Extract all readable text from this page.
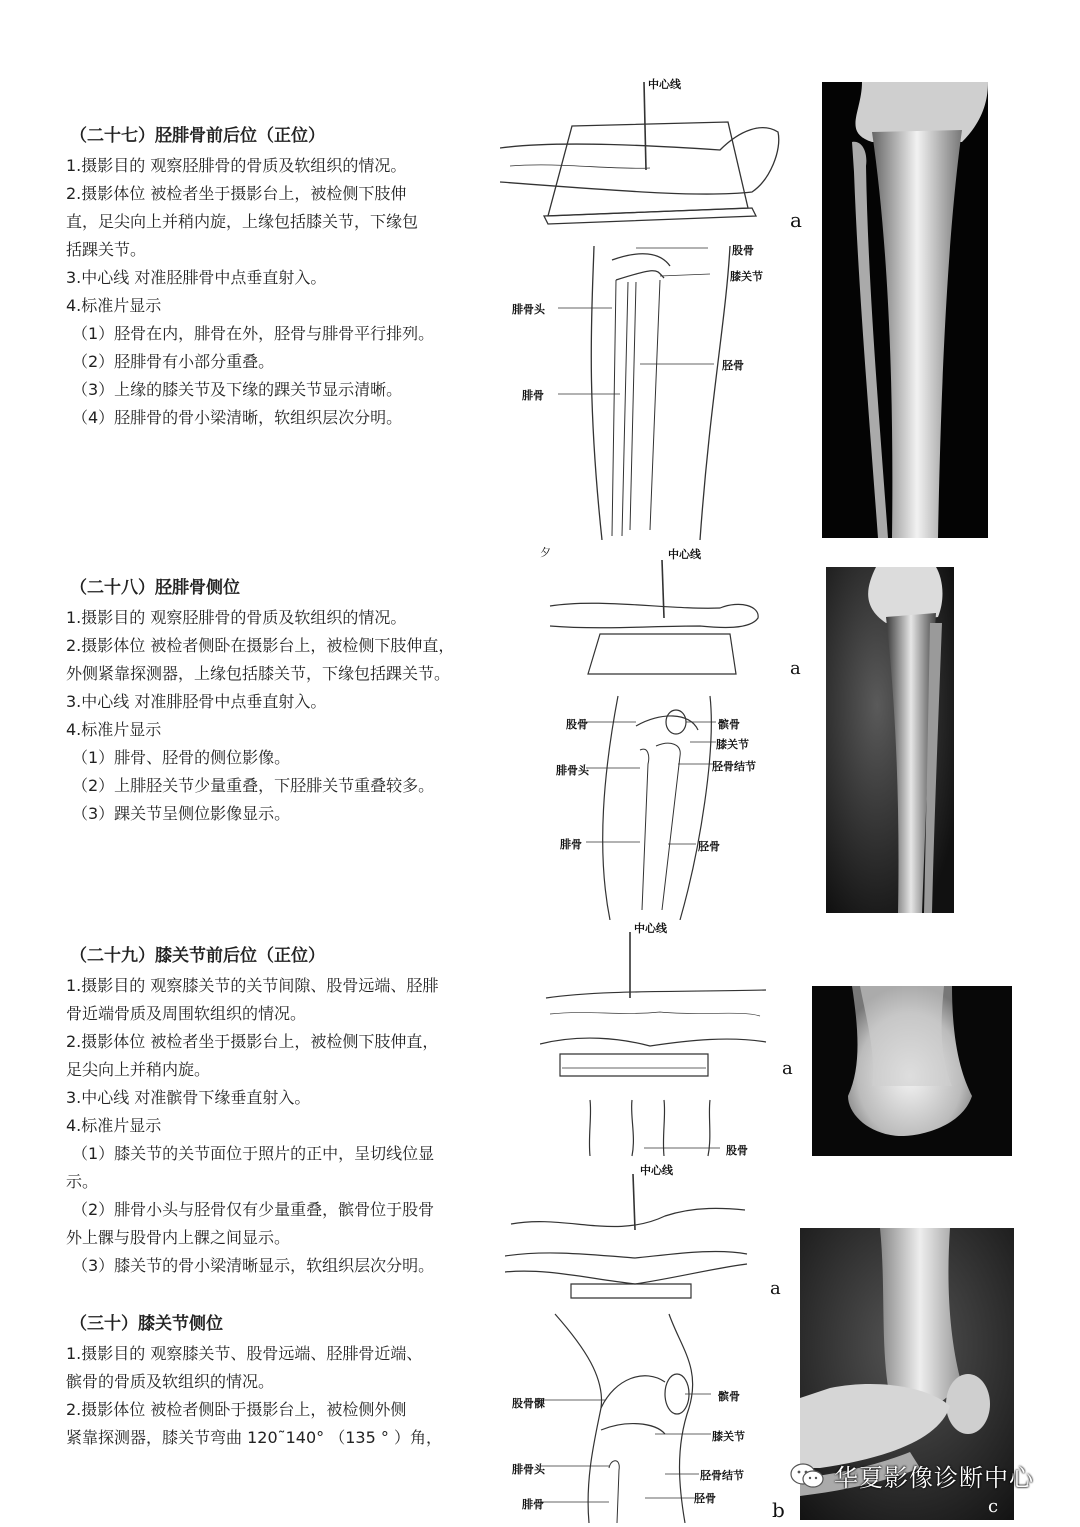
（二十七）胫腓骨前后位（正位）

1.摄影目的 观察胫腓骨的骨质及软组织的情况。

2.摄影体位 被检者坐于摄影台上，被检侧下肢伸

直，足尖向上并稍内旋，上缘包括膝关节，下缘包

括踝关节。

3.中心线 对准胫腓骨中点垂直射入。

4.标准片显示

（1）胫骨在内，腓骨在外，胫骨与腓骨平行排列。

（2）胫腓骨有小部分重叠。

（3）上缘的膝关节及下缘的踝关节显示清晰。

（4）胫腓骨的骨小梁清晰，软组织层次分明。

（二十八）胫腓骨侧位

1.摄影目的 观察胫腓骨的骨质及软组织的情况。

2.摄影体位 被检者侧卧在摄影台上，被检侧下肢伸直，

外侧紧靠探测器，上缘包括膝关节，下缘包括踝关节。

3.中心线 对准腓胫骨中点垂直射入。

4.标准片显示

（1）腓骨、胫骨的侧位影像。

（2）上腓胫关节少量重叠，下胫腓关节重叠较多。

（3）踝关节呈侧位影像显示。

（二十九）膝关节前后位（正位）

1.摄影目的 观察膝关节的关节间隙、股骨远端、胫腓

骨近端骨质及周围软组织的情况。

2.摄影体位 被检者坐于摄影台上，被检侧下肢伸直，

足尖向上并稍内旋。

3.中心线 对准髌骨下缘垂直射入。

4.标准片显示

（1）膝关节的关节面位于照片的正中，呈切线位显

示。

（2）腓骨小头与胫骨仅有少量重叠，髌骨位于股骨

外上髁与股骨内上髁之间显示。

（3）膝关节的骨小梁清晰显示，软组织层次分明。

（三十）膝关节侧位

1.摄影目的 观察膝关节、股骨远端、胫腓骨近端、

髌骨的骨质及软组织的情况。

2.摄影体位 被检者侧卧于摄影台上，被检侧外侧

紧靠探测器，膝关节弯曲 120˜140° （135 ° ）角，

中心线
股骨
膝关节
腓骨头
胫骨
腓骨
a
夕	中心线
股骨	髌骨
膝关节
腓骨头	胫骨结节
腓骨	胫骨
a
中心线
股骨
a
中心线
股骨髁
髌骨
膝关节
腓骨头	胫骨结节
腓骨	胫骨
a
b	c
华夏影像诊断中心
